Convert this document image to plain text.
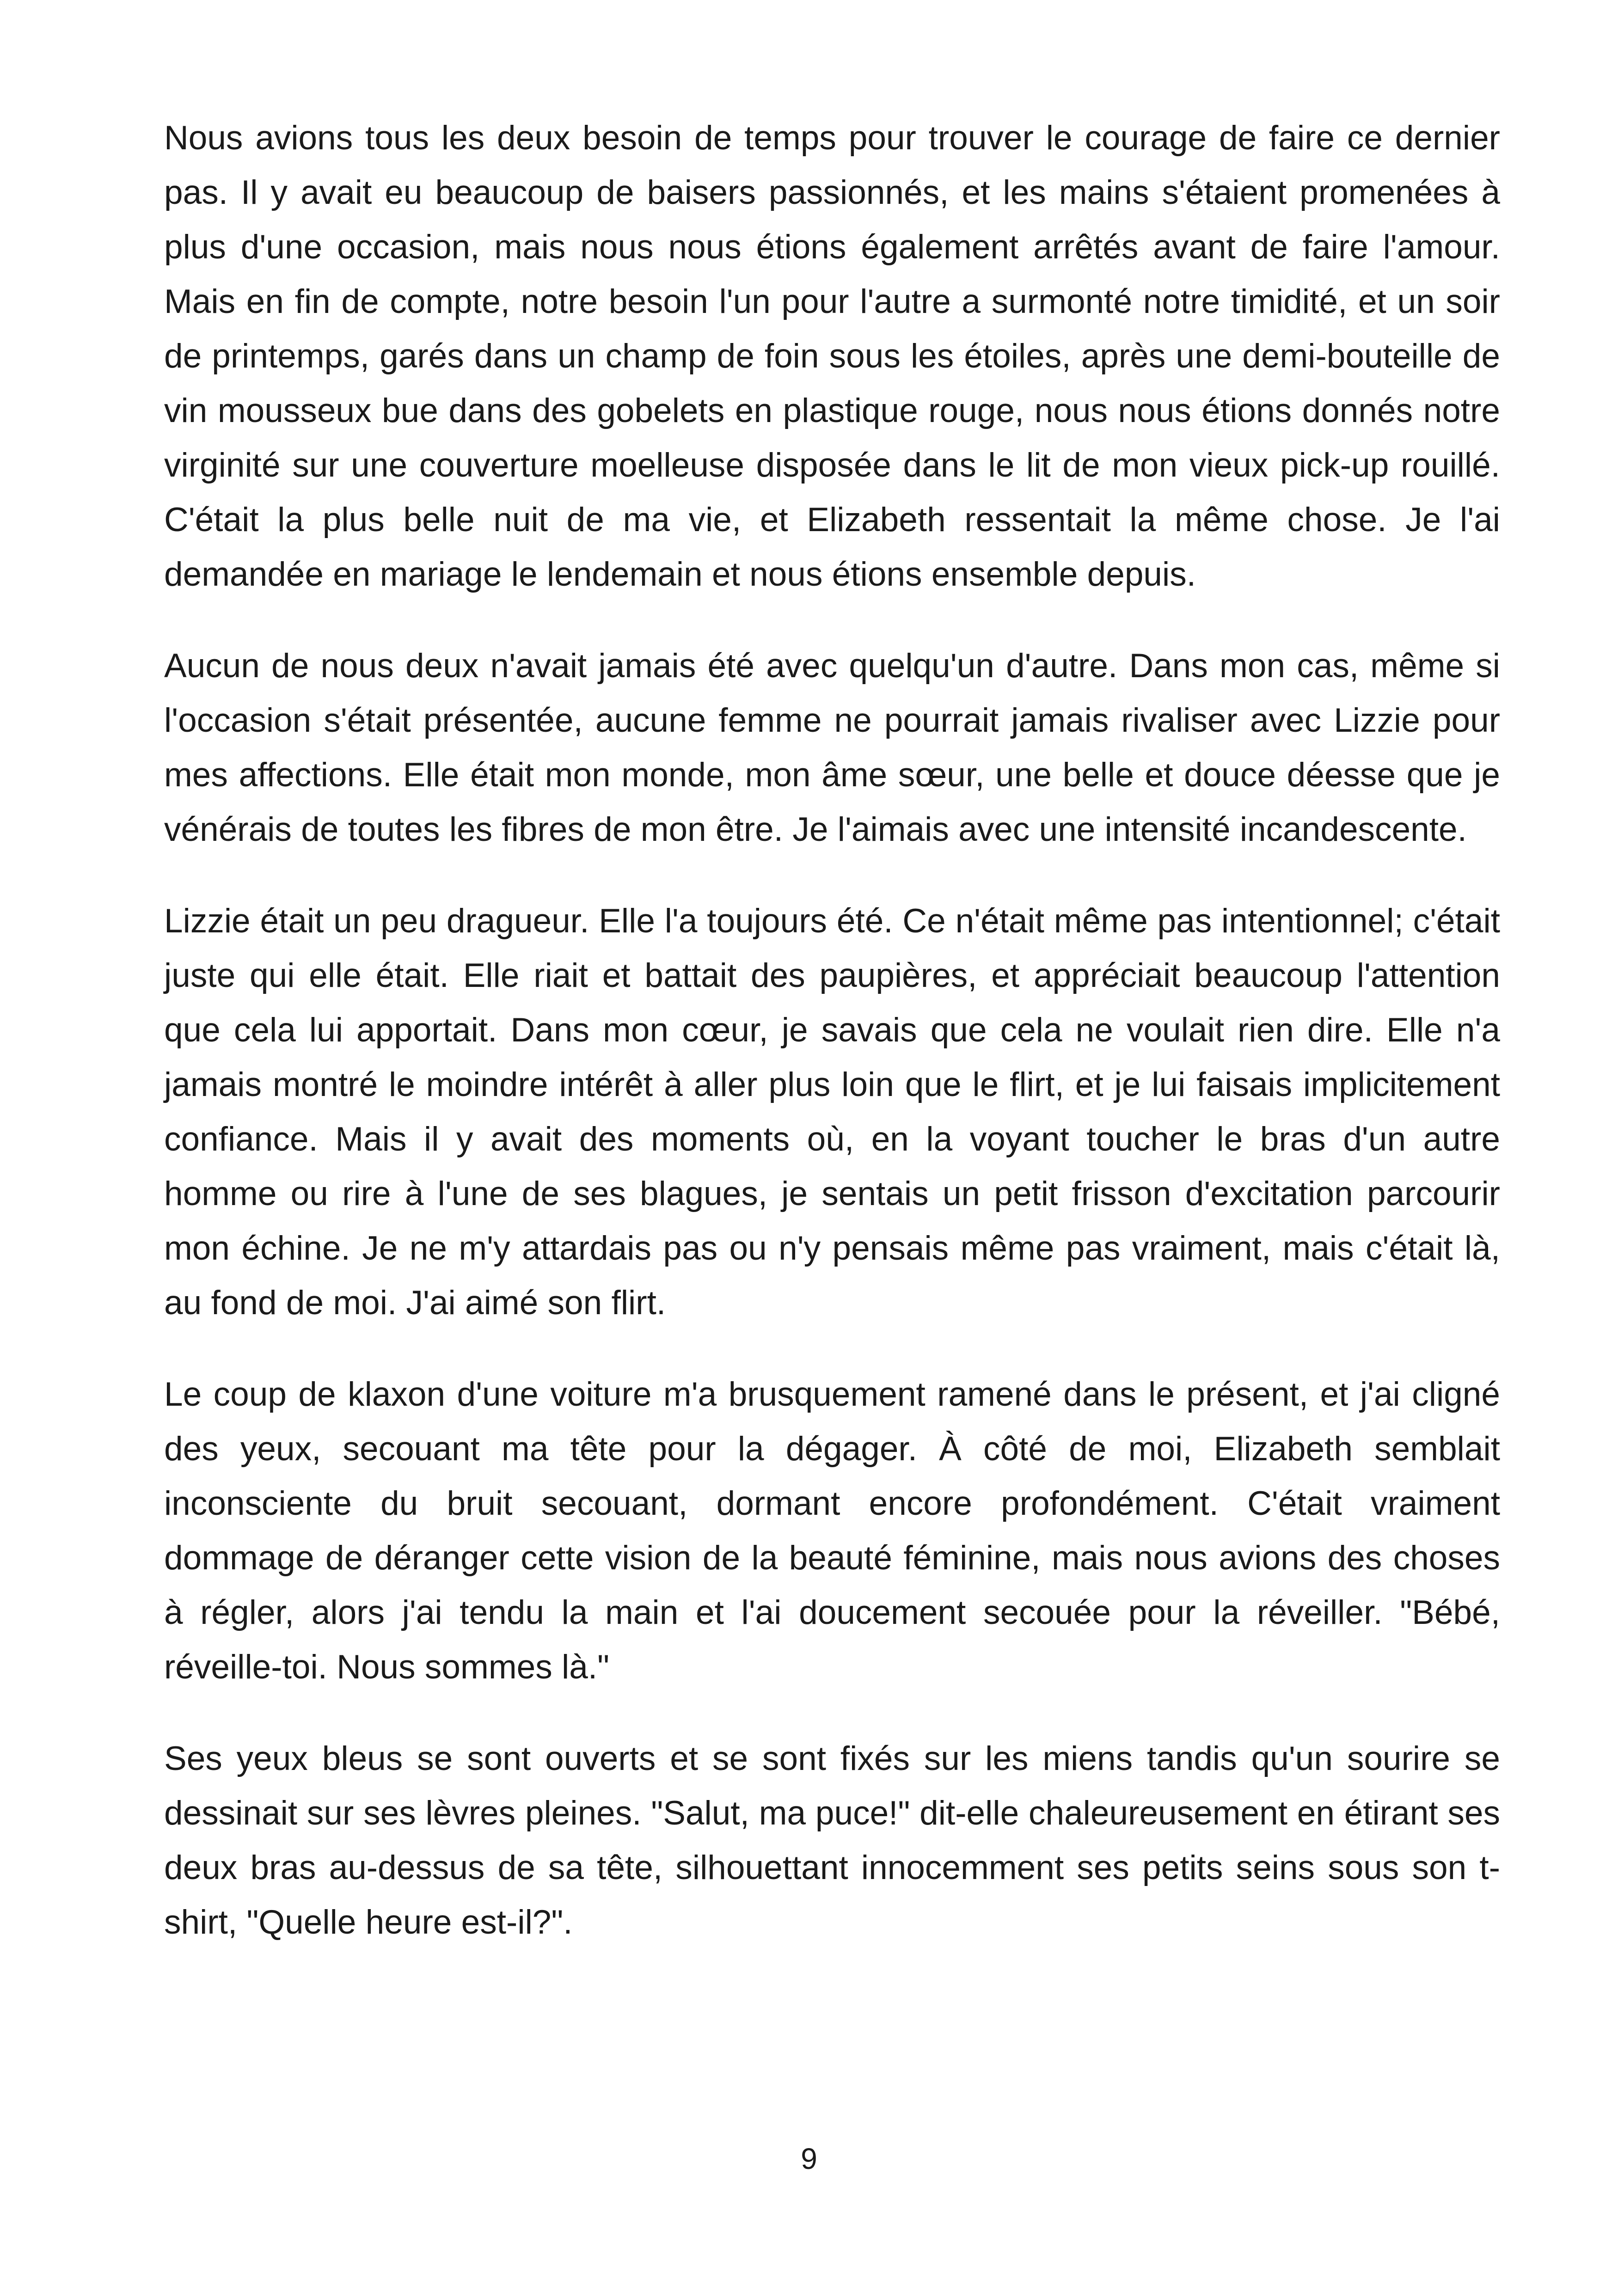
Nous avions tous les deux besoin de temps pour trouver le courage de faire ce dernier pas. Il y avait eu beaucoup de baisers passionnés, et les mains s'étaient promenées à plus d'une occasion, mais nous nous étions également arrêtés avant de faire l'amour. Mais en fin de compte, notre besoin l'un pour l'autre a surmonté notre timidité, et un soir de printemps, garés dans un champ de foin sous les étoiles, après une demi-bouteille de vin mousseux bue dans des gobelets en plastique rouge, nous nous étions donnés notre virginité sur une couverture moelleuse disposée dans le lit de mon vieux pick-up rouillé. C'était la plus belle nuit de ma vie, et Elizabeth ressentait la même chose. Je l'ai demandée en mariage le lendemain et nous étions ensemble depuis.

Aucun de nous deux n'avait jamais été avec quelqu'un d'autre. Dans mon cas, même si l'occasion s'était présentée, aucune femme ne pourrait jamais rivaliser avec Lizzie pour mes affections. Elle était mon monde, mon âme sœur, une belle et douce déesse que je vénérais de toutes les fibres de mon être. Je l'aimais avec une intensité incandescente.

Lizzie était un peu dragueur. Elle l'a toujours été. Ce n'était même pas intentionnel; c'était juste qui elle était. Elle riait et battait des paupières, et appréciait beaucoup l'attention que cela lui apportait. Dans mon cœur, je savais que cela ne voulait rien dire. Elle n'a jamais montré le moindre intérêt à aller plus loin que le flirt, et je lui faisais implicitement confiance. Mais il y avait des moments où, en la voyant toucher le bras d'un autre homme ou rire à l'une de ses blagues, je sentais un petit frisson d'excitation parcourir mon échine. Je ne m'y attardais pas ou n'y pensais même pas vraiment, mais c'était là, au fond de moi. J'ai aimé son flirt.

Le coup de klaxon d'une voiture m'a brusquement ramené dans le présent, et j'ai cligné des yeux, secouant ma tête pour la dégager. À côté de moi, Elizabeth semblait inconsciente du bruit secouant, dormant encore profondément. C'était vraiment dommage de déranger cette vision de la beauté féminine, mais nous avions des choses à régler, alors j'ai tendu la main et l'ai doucement secouée pour la réveiller. "Bébé, réveille-toi. Nous sommes là."

Ses yeux bleus se sont ouverts et se sont fixés sur les miens tandis qu'un sourire se dessinait sur ses lèvres pleines. "Salut, ma puce!" dit-elle chaleureusement en étirant ses deux bras au-dessus de sa tête, silhouettant innocemment ses petits seins sous son t-shirt, "Quelle heure est-il?".

9
